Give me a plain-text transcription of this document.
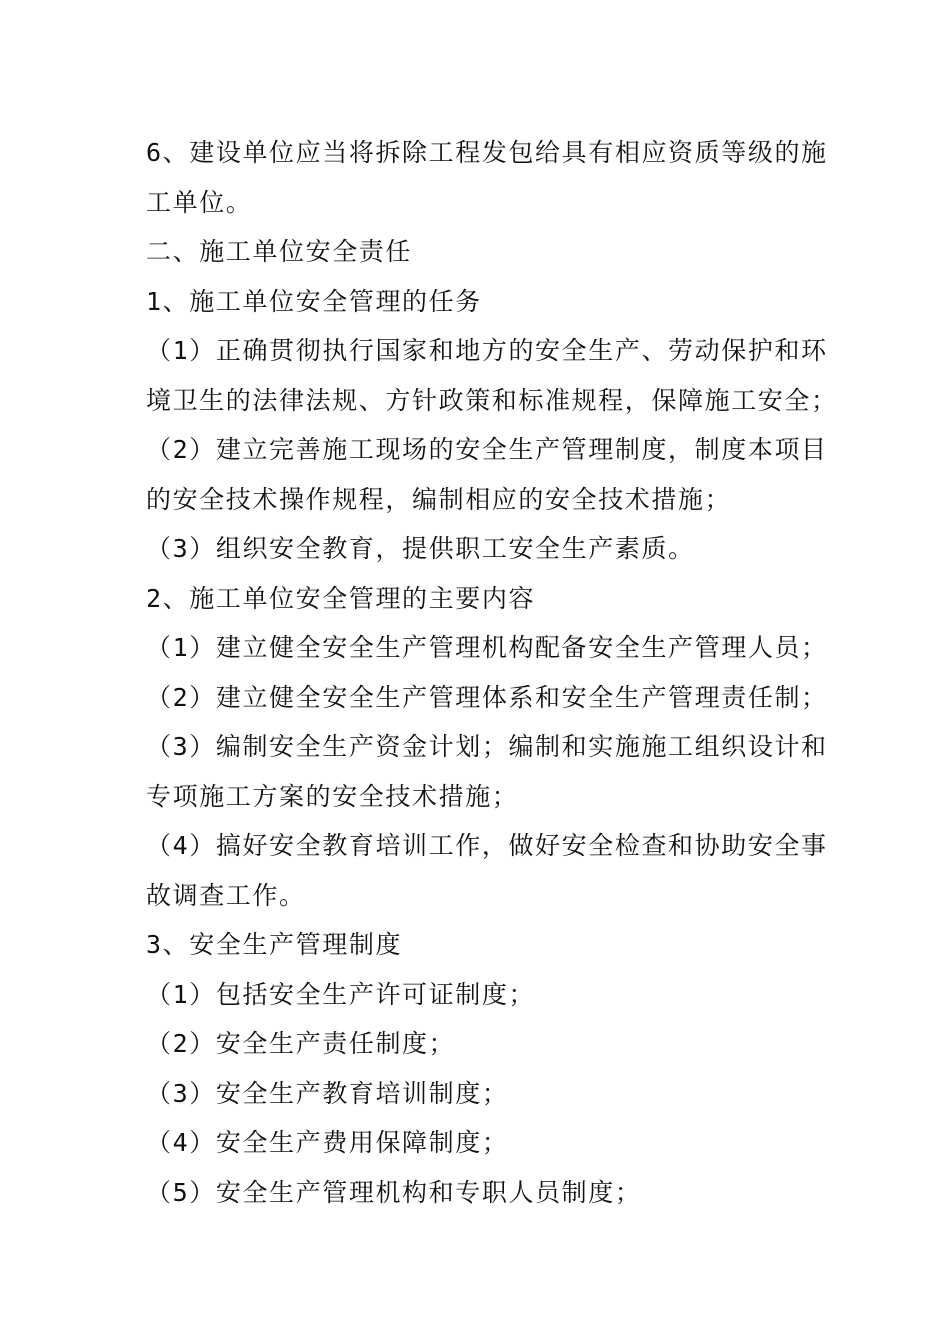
6、建设单位应当将拆除工程发包给具有相应资质等级的施
工单位。
二、施工单位安全责任
1、施工单位安全管理的任务
（1）正确贯彻执行国家和地方的安全生产、劳动保护和环
境卫生的法律法规、方针政策和标准规程，保障施工安全；
（2）建立完善施工现场的安全生产管理制度，制度本项目
的安全技术操作规程，编制相应的安全技术措施；
（3）组织安全教育，提供职工安全生产素质。
2、施工单位安全管理的主要内容
（1）建立健全安全生产管理机构配备安全生产管理人员；
（2）建立健全安全生产管理体系和安全生产管理责任制；
（3）编制安全生产资金计划；编制和实施施工组织设计和
专项施工方案的安全技术措施；
（4）搞好安全教育培训工作，做好安全检查和协助安全事
故调查工作。
3、安全生产管理制度
（1）包括安全生产许可证制度；
（2）安全生产责任制度；
（3）安全生产教育培训制度；
（4）安全生产费用保障制度；
（5）安全生产管理机构和专职人员制度；
